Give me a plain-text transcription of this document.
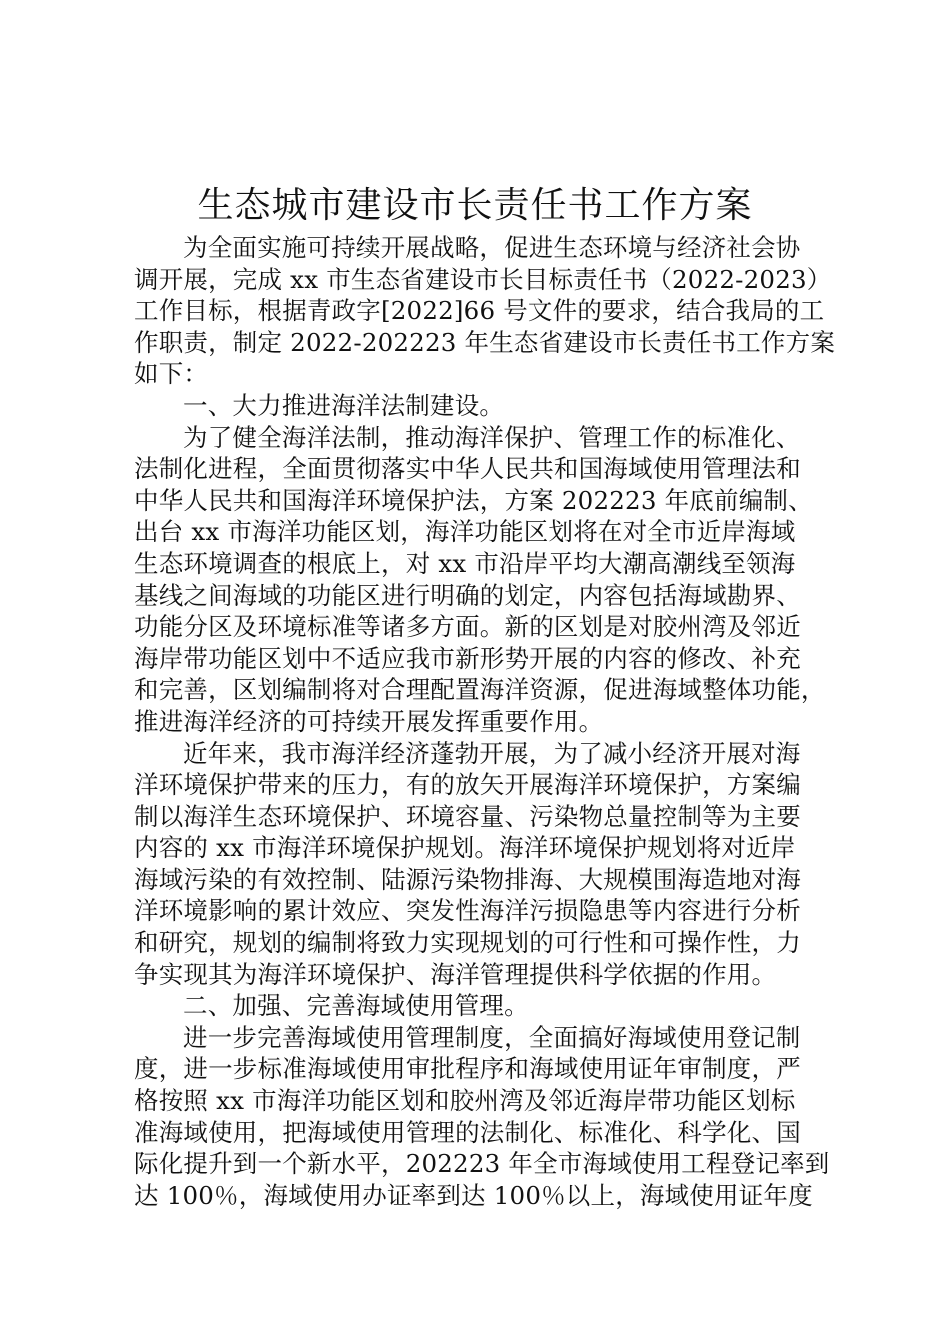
生态城市建设市长责任书工作方案
为全面实施可持续开展战略，促进生态环境与经济社会协
调开展，完成 xx 市生态省建设市长目标责任书（2022-2023）
工作目标，根据青政字[2022]66 号文件的要求，结合我局的工
作职责，制定 2022-202223 年生态省建设市长责任书工作方案
如下：
一、大力推进海洋法制建设。
为了健全海洋法制，推动海洋保护、管理工作的标准化、
法制化进程，全面贯彻落实中华人民共和国海域使用管理法和
中华人民共和国海洋环境保护法，方案 202223 年底前编制、
出台 xx 市海洋功能区划，海洋功能区划将在对全市近岸海域
生态环境调查的根底上，对 xx 市沿岸平均大潮高潮线至领海
基线之间海域的功能区进行明确的划定，内容包括海域勘界、
功能分区及环境标准等诸多方面。新的区划是对胶州湾及邻近
海岸带功能区划中不适应我市新形势开展的内容的修改、补充
和完善，区划编制将对合理配置海洋资源，促进海域整体功能，
推进海洋经济的可持续开展发挥重要作用。
近年来，我市海洋经济蓬勃开展，为了减小经济开展对海
洋环境保护带来的压力，有的放矢开展海洋环境保护，方案编
制以海洋生态环境保护、环境容量、污染物总量控制等为主要
内容的 xx 市海洋环境保护规划。海洋环境保护规划将对近岸
海域污染的有效控制、陆源污染物排海、大规模围海造地对海
洋环境影响的累计效应、突发性海洋污损隐患等内容进行分析
和研究，规划的编制将致力实现规划的可行性和可操作性，力
争实现其为海洋环境保护、海洋管理提供科学依据的作用。
二、加强、完善海域使用管理。
进一步完善海域使用管理制度，全面搞好海域使用登记制
度，进一步标准海域使用审批程序和海域使用证年审制度，严
格按照 xx 市海洋功能区划和胶州湾及邻近海岸带功能区划标
准海域使用，把海域使用管理的法制化、标准化、科学化、国
际化提升到一个新水平，202223 年全市海域使用工程登记率到
达 100％，海域使用办证率到达 100％以上，海域使用证年度
